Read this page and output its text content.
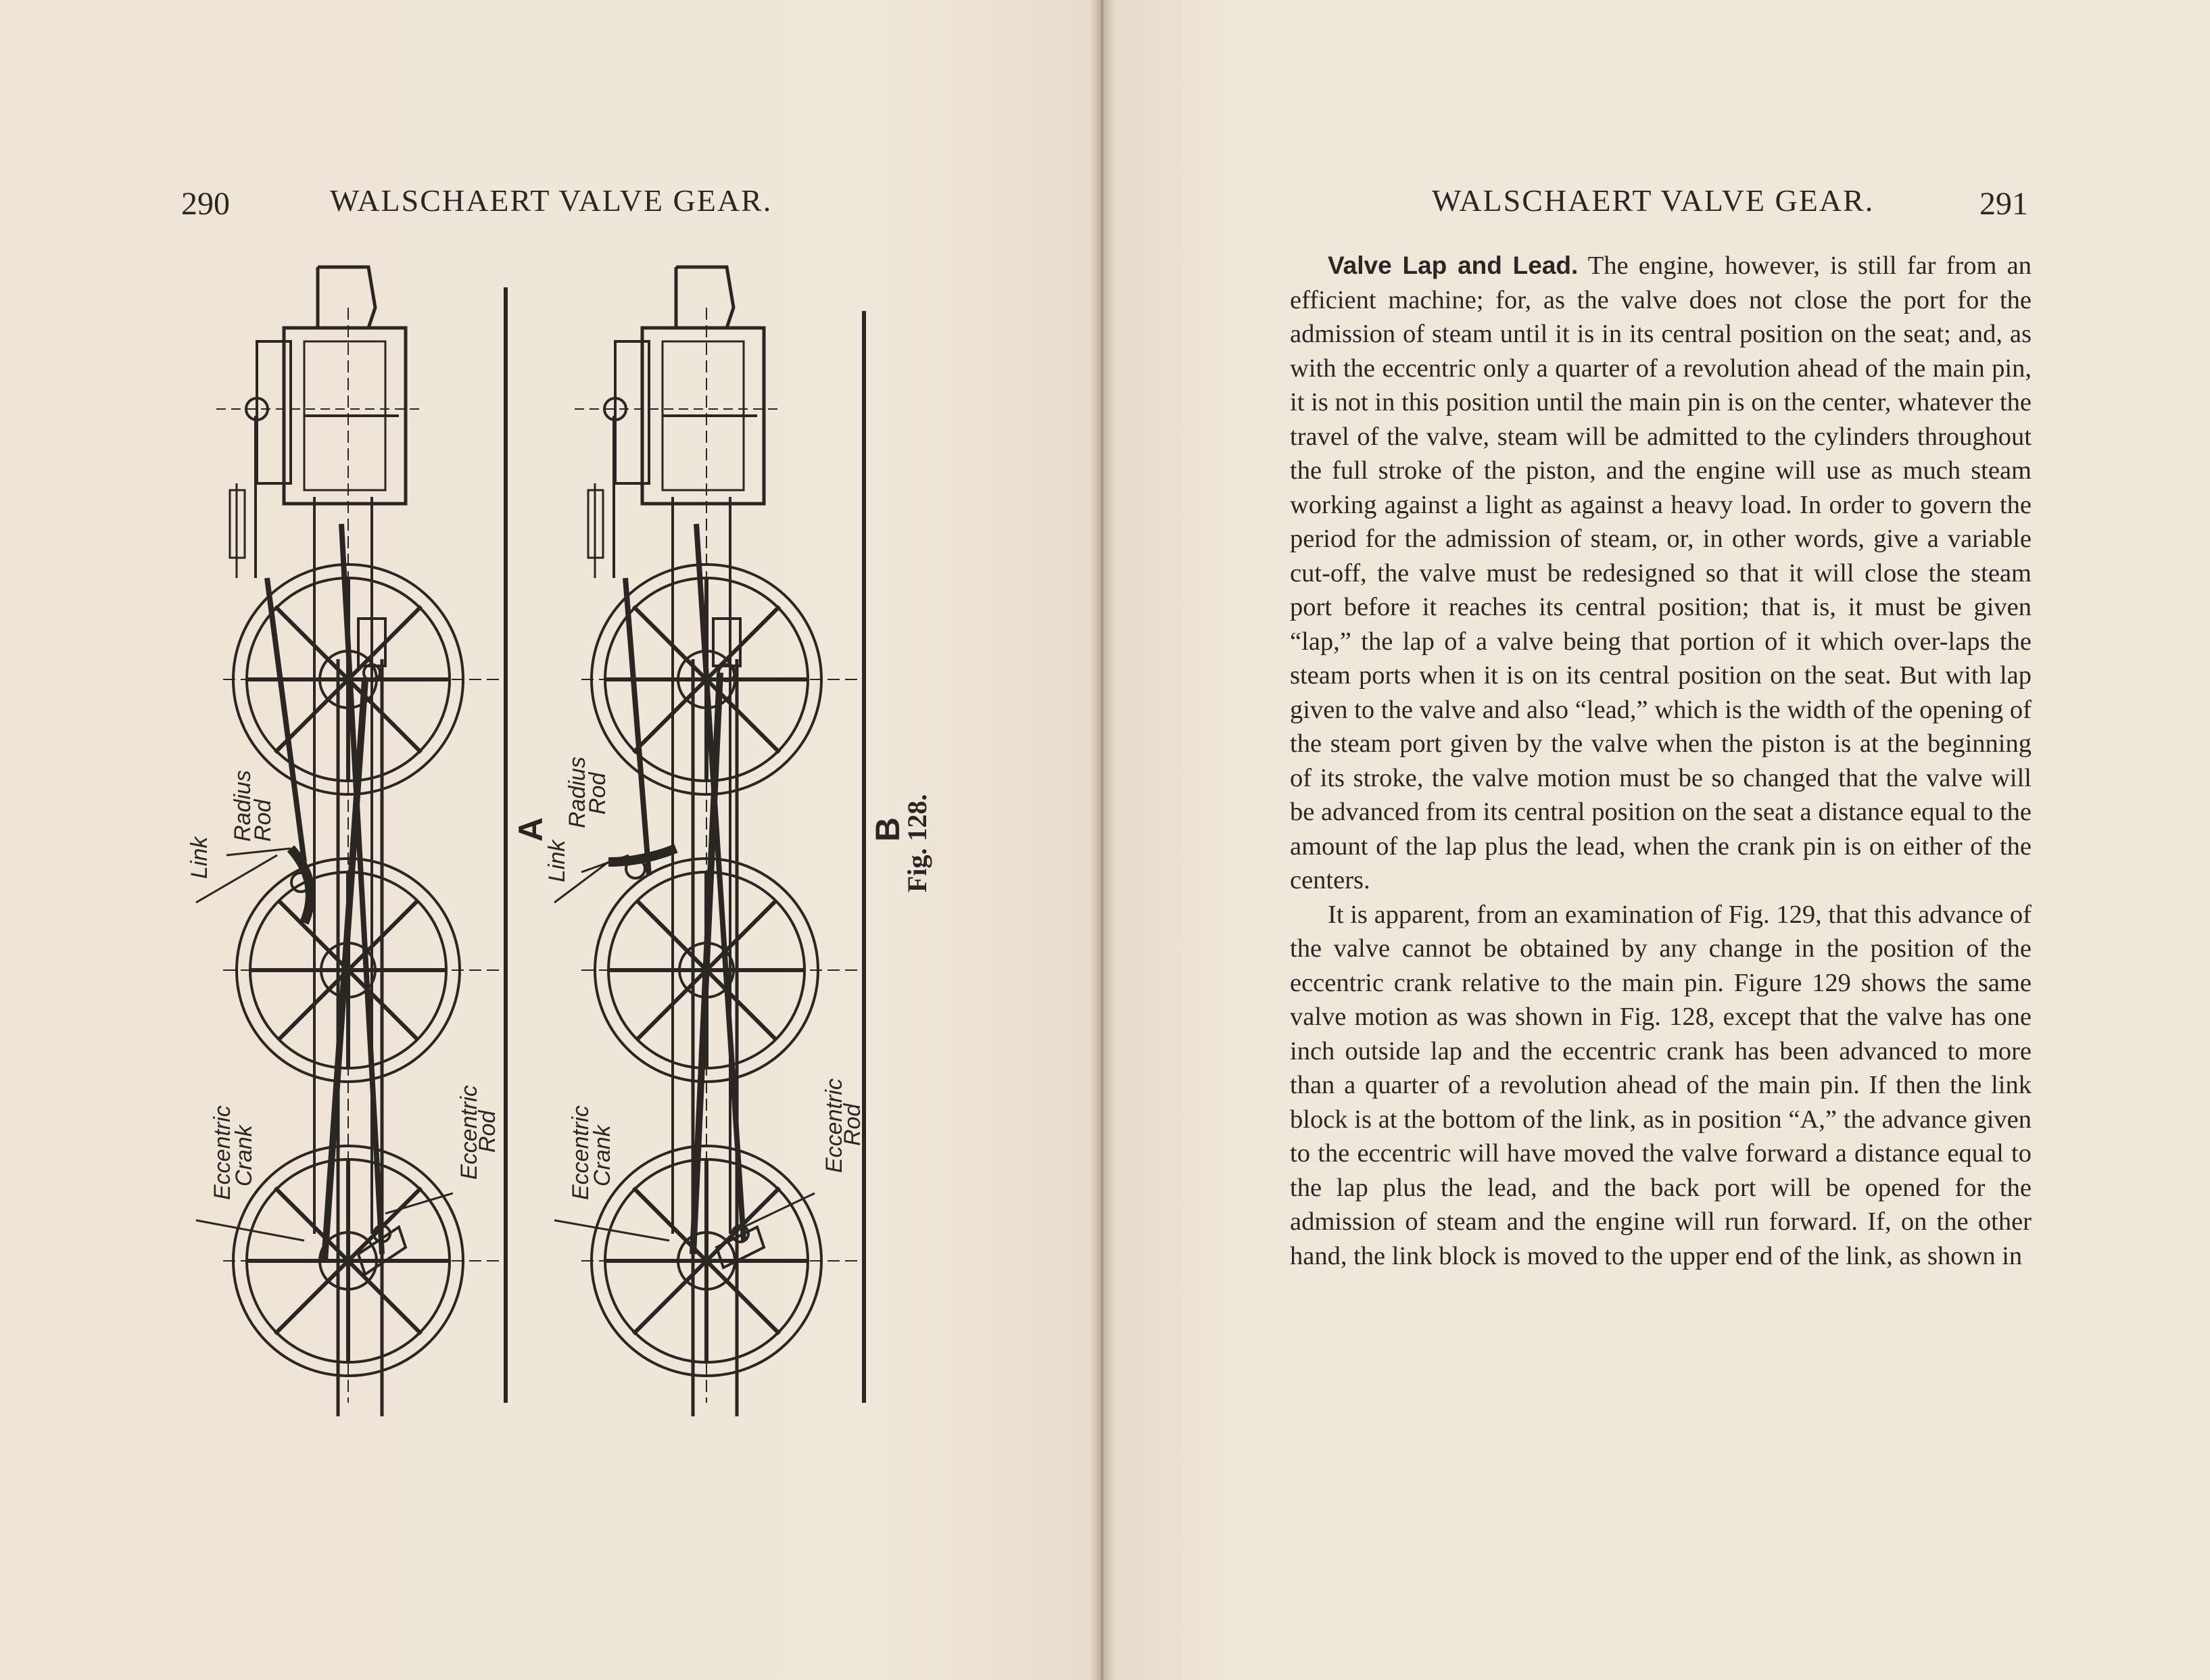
290	WALSCHAERT VALVE GEAR.	WALSCHAERT VALVE GEAR.	291
Link
Radius
Rod
Eccentric
Crank	Eccentric
Rod
Link
Radius
Rod
Eccentric
Crank	Eccentric
Rod
A	B
Fig. 128.

Valve Lap and Lead. The engine, however, is still far from an efficient machine; for, as the valve does not close the port for the admission of steam until it is in its central position on the seat; and, as with the eccentric only a quarter of a revolution ahead of the main pin, it is not in this position until the main pin is on the center, whatever the travel of the valve, steam will be admitted to the cylinders throughout the full stroke of the piston, and the engine will use as much steam working against a light as against a heavy load. In order to govern the period for the admission of steam, or, in other words, give a variable cut-off, the valve must be redesigned so that it will close the steam port before it reaches its central position; that is, it must be given “lap,” the lap of a valve being that portion of it which over-laps the steam ports when it is on its central position on the seat. But with lap given to the valve and also “lead,” which is the width of the opening of the steam port given by the valve when the piston is at the beginning of its stroke, the valve motion must be so changed that the valve will be advanced from its central position on the seat a distance equal to the amount of the lap plus the lead, when the crank pin is on either of the centers.

It is apparent, from an examination of Fig. 129, that this advance of the valve cannot be obtained by any change in the position of the eccentric crank relative to the main pin. Figure 129 shows the same valve motion as was shown in Fig. 128, except that the valve has one inch outside lap and the eccentric crank has been advanced to more than a quarter of a revolution ahead of the main pin. If then the link block is at the bottom of the link, as in position “A,” the advance given to the eccentric will have moved the valve forward a distance equal to the lap plus the lead, and the back port will be opened for the admission of steam and the engine will run forward. If, on the other hand, the link block is moved to the upper end of the link, as shown in
